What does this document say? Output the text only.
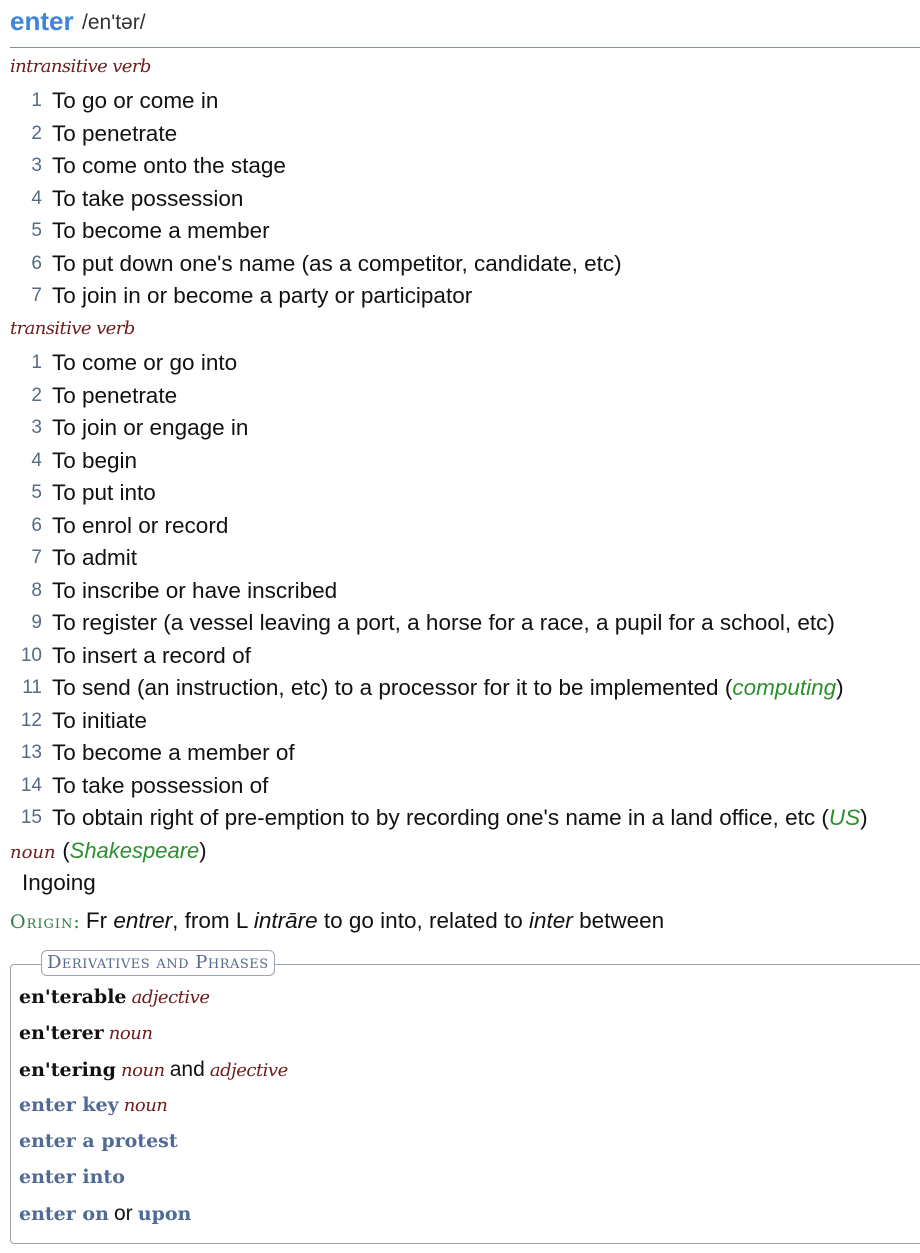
enter /en'tər/
intransitive verb
1 To go or come in
2 To penetrate
3 To come onto the stage
4 To take possession
5 To become a member
6 To put down one's name (as a competitor, candidate, etc)
7 To join in or become a party or participator
transitive verb
1 To come or go into
2 To penetrate
3 To join or engage in
4 To begin
5 To put into
6 To enrol or record
7 To admit
8 To inscribe or have inscribed
9 To register (a vessel leaving a port, a horse for a race, a pupil for a school, etc)
10 To insert a record of
11 To send (an instruction, etc) to a processor for it to be implemented (computing)
12 To initiate
13 To become a member of
14 To take possession of
15 To obtain right of pre-emption to by recording one's name in a land office, etc (US)
noun (Shakespeare)
Ingoing
Origin: Fr entrer, from L intrāre to go into, related to inter between
Derivatives and Phrases
en'terable adjective
en'terer noun
en'tering noun and adjective
enter key noun
enter a protest
enter into
enter on or upon
